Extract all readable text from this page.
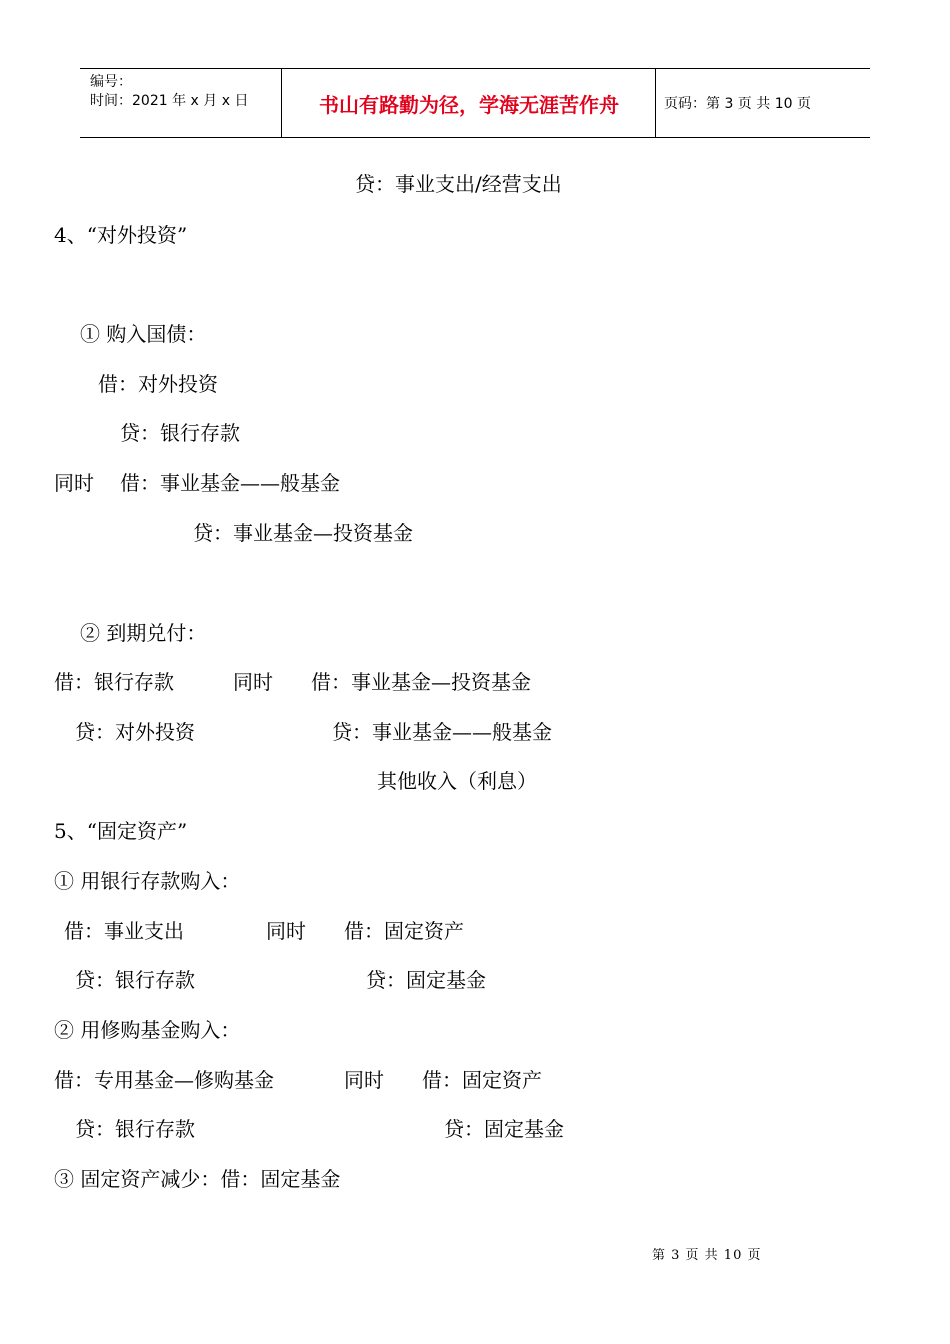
编号：
时间：2021 年 x 月 x 日	书山有路勤为径，学海无涯苦作舟	页码：第 3 页 共 10 页
贷：事业支出/经营支出
4、“对外投资”
① 购入国债：
借：对外投资
贷：银行存款
同时 借：事业基金——般基金
贷：事业基金—投资基金
② 到期兑付：
借：银行存款	同时 借：事业基金—投资基金
贷：对外投资	贷：事业基金——般基金
其他收入（利息）
5、“固定资产”
① 用银行存款购入：
借：事业支出	同时 借：固定资产
贷：银行存款	贷：固定基金
② 用修购基金购入：
借：专用基金—修购基金	同时 借：固定资产
贷：银行存款	贷：固定基金
③ 固定资产减少：借：固定基金
第 3 页 共 10 页
